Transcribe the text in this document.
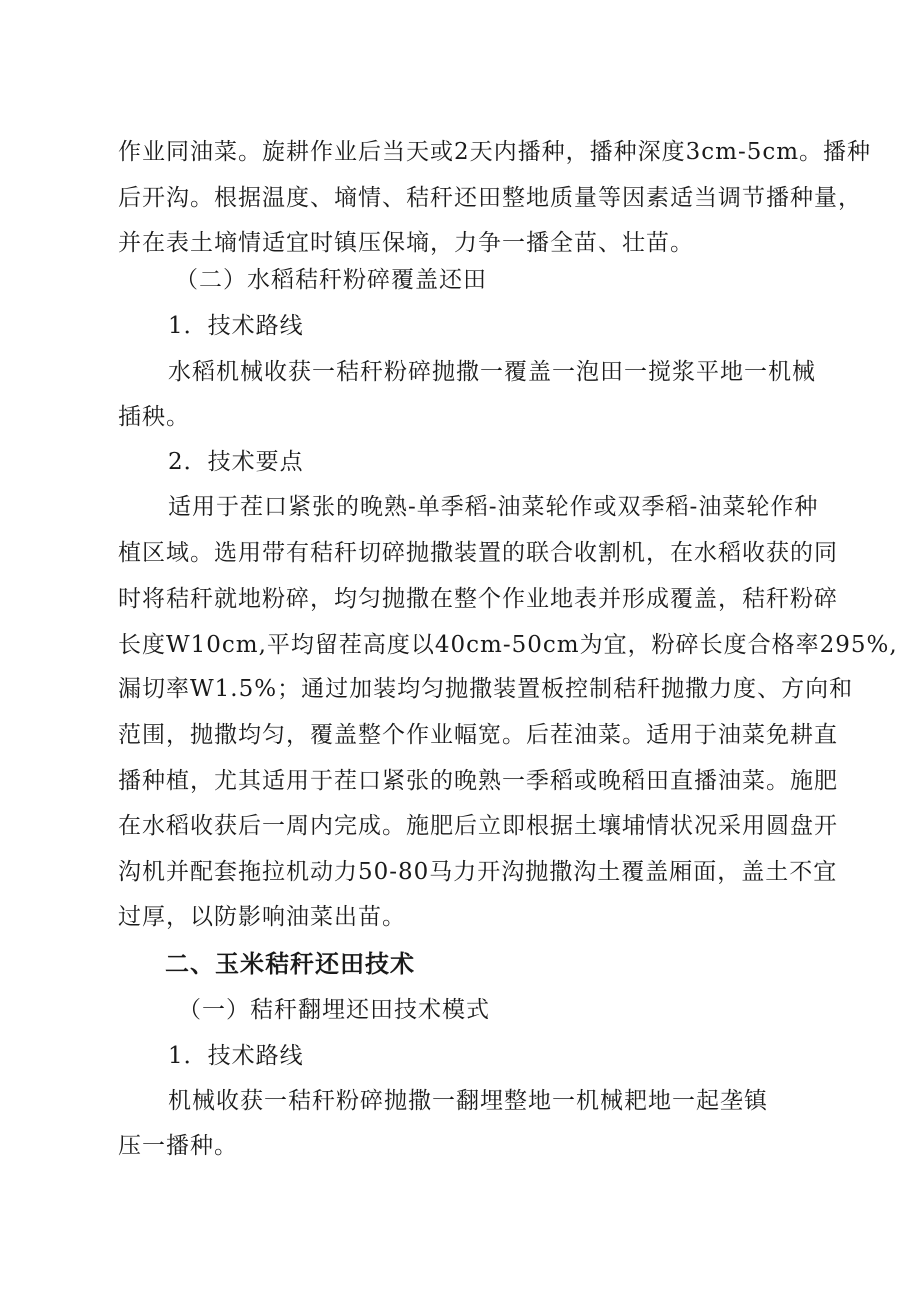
作业同油菜。旋耕作业后当天或2天内播种，播种深度3cm-5cm。播种
后开沟。根据温度、墒情、秸秆还田整地质量等因素适当调节播种量，
并在表土墒情适宜时镇压保墒，力争一播全苗、壮苗。
（二）水稻秸秆粉碎覆盖还田
1．技术路线
水稻机械收获一秸秆粉碎抛撒一覆盖一泡田一搅浆平地一机械
插秧。
2．技术要点
适用于茬口紧张的晚熟-单季稻-油菜轮作或双季稻-油菜轮作种
植区域。选用带有秸秆切碎抛撒装置的联合收割机，在水稻收获的同
时将秸秆就地粉碎，均匀抛撒在整个作业地表并形成覆盖，秸秆粉碎
长度W10cm,平均留茬高度以40cm-50cm为宜，粉碎长度合格率295%,
漏切率W1.5%；通过加装均匀抛撒装置板控制秸秆抛撒力度、方向和
范围，抛撒均匀，覆盖整个作业幅宽。后茬油菜。适用于油菜免耕直
播种植，尤其适用于茬口紧张的晚熟一季稻或晚稻田直播油菜。施肥
在水稻收获后一周内完成。施肥后立即根据土壤埔情状况采用圆盘开
沟机并配套拖拉机动力50-80马力开沟抛撒沟土覆盖厢面，盖土不宜
过厚，以防影响油菜出苗。
二、玉米秸秆还田技术
（一）秸秆翻埋还田技术模式
1．技术路线
机械收获一秸秆粉碎抛撒一翻埋整地一机械耙地一起垄镇
压一播种。
